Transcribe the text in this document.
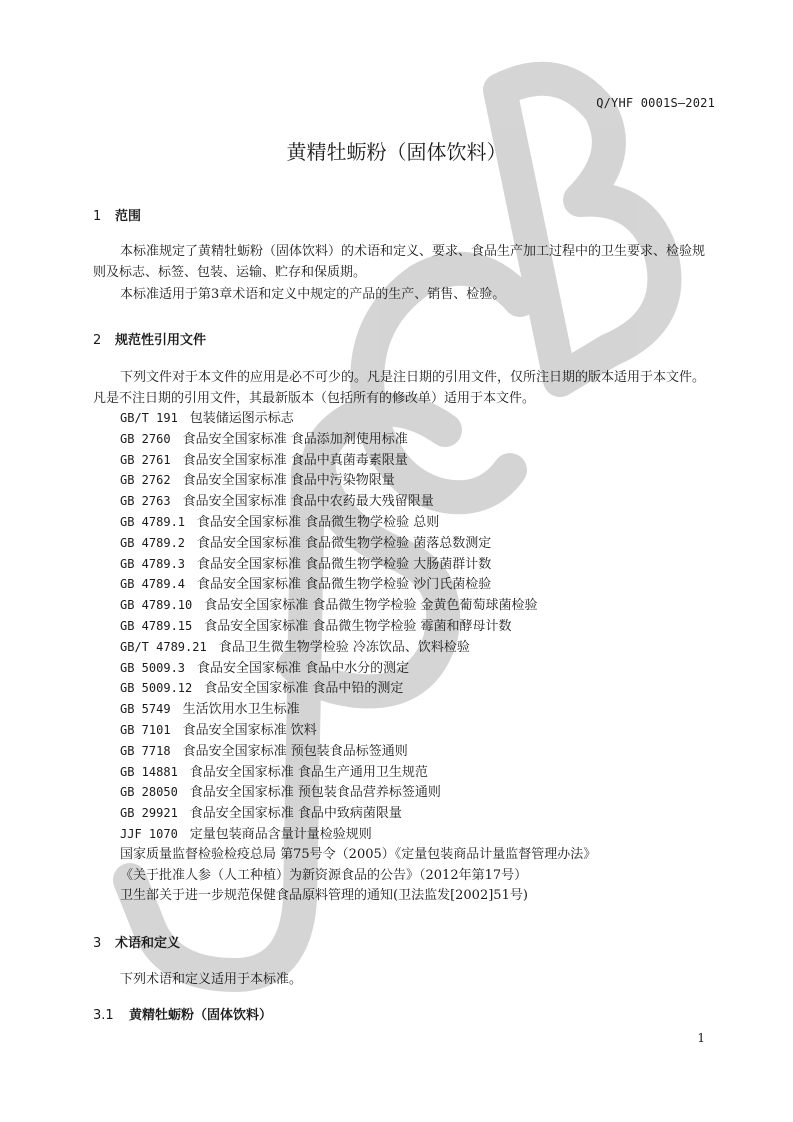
Q/YHF 0001S—2021
黄精牡蛎粉（固体饮料）
1 范围
本标准规定了黄精牡蛎粉（固体饮料）的术语和定义、要求、食品生产加工过程中的卫生要求、检验规则及标志、标签、包装、运输、贮存和保质期。
本标准适用于第3章术语和定义中规定的产品的生产、销售、检验。
2 规范性引用文件
下列文件对于本文件的应用是必不可少的。凡是注日期的引用文件，仅所注日期的版本适用于本文件。凡是不注日期的引用文件，其最新版本（包括所有的修改单）适用于本文件。
GB/T 191 包装储运图示标志
GB 2760 食品安全国家标准 食品添加剂使用标准
GB 2761 食品安全国家标准 食品中真菌毒素限量
GB 2762 食品安全国家标准 食品中污染物限量
GB 2763 食品安全国家标准 食品中农药最大残留限量
GB 4789.1 食品安全国家标准 食品微生物学检验 总则
GB 4789.2 食品安全国家标准 食品微生物学检验 菌落总数测定
GB 4789.3 食品安全国家标准 食品微生物学检验 大肠菌群计数
GB 4789.4 食品安全国家标准 食品微生物学检验 沙门氏菌检验
GB 4789.10 食品安全国家标准 食品微生物学检验 金黄色葡萄球菌检验
GB 4789.15 食品安全国家标准 食品微生物学检验 霉菌和酵母计数
GB/T 4789.21 食品卫生微生物学检验 冷冻饮品、饮料检验
GB 5009.3 食品安全国家标准 食品中水分的测定
GB 5009.12 食品安全国家标准 食品中铅的测定
GB 5749 生活饮用水卫生标准
GB 7101 食品安全国家标准 饮料
GB 7718 食品安全国家标准 预包装食品标签通则
GB 14881 食品安全国家标准 食品生产通用卫生规范
GB 28050 食品安全国家标准 预包装食品营养标签通则
GB 29921 食品安全国家标准 食品中致病菌限量
JJF 1070 定量包装商品含量计量检验规则
国家质量监督检验检疫总局 第75号令（2005）《定量包装商品计量监督管理办法》
《关于批准人参（人工种植）为新资源食品的公告》（2012年第17号）
卫生部关于进一步规范保健食品原料管理的通知(卫法监发[2002]51号)
3 术语和定义
下列术语和定义适用于本标准。
3.1 黄精牡蛎粉（固体饮料）
1
